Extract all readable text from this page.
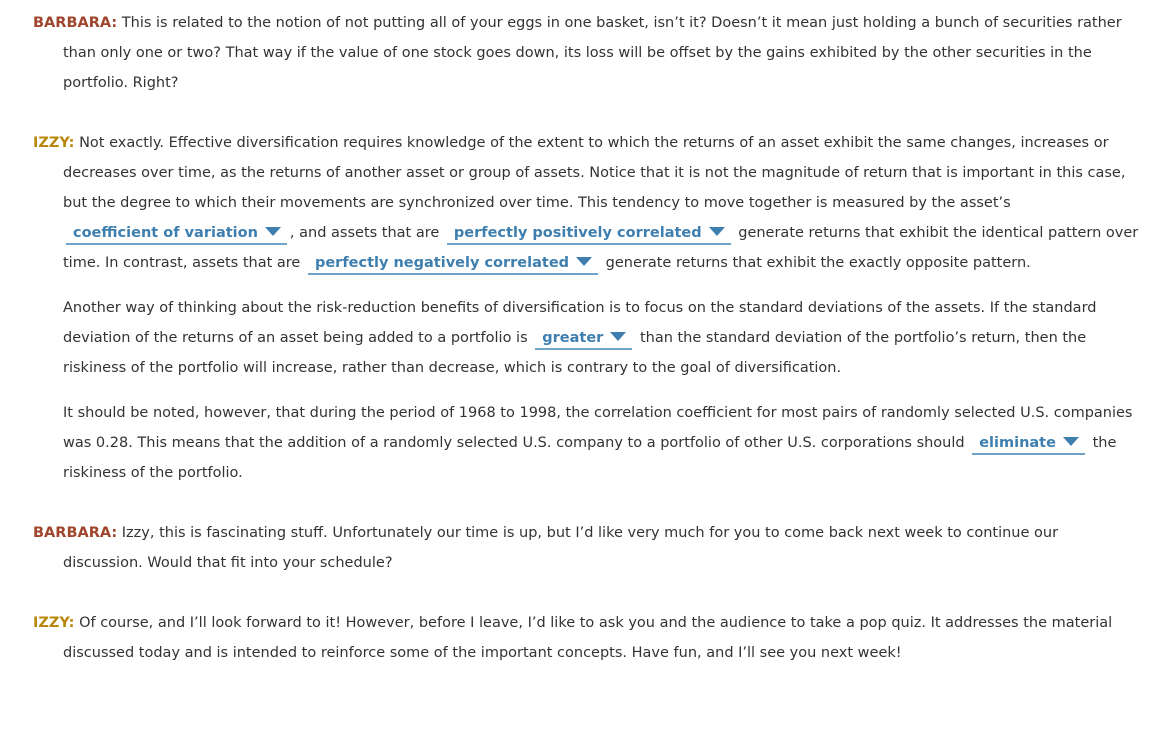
BARBARA: This is related to the notion of not putting all of your eggs in one basket, isn’t it? Doesn’t it mean just holding a bunch of securities rather than only one or two? That way if the value of one stock goes down, its loss will be offset by the gains exhibited by the other securities in the portfolio. Right?

IZZY: Not exactly. Effective diversification requires knowledge of the extent to which the returns of an asset exhibit the same changes, increases or decreases over time, as the returns of another asset or group of assets. Notice that it is not the magnitude of return that is important in this case, but the degree to which their movements are synchronized over time. This tendency to move together is measured by the asset’s coefficient of variation , and assets that are perfectly positively correlated	generate returns that exhibit the identical pattern over time. In contrast, assets that are perfectly negatively correlated	generate returns that exhibit the exactly opposite pattern.

Another way of thinking about the risk-reduction benefits of diversification is to focus on the standard deviations of the assets. If the standard deviation of the returns of an asset being added to a portfolio is greater	than the standard deviation of the portfolio’s return, then the riskiness of the portfolio will increase, rather than decrease, which is contrary to the goal of diversification.

It should be noted, however, that during the period of 1968 to 1998, the correlation coefficient for most pairs of randomly selected U.S. companies was 0.28. This means that the addition of a randomly selected U.S. company to a portfolio of other U.S. corporations should eliminate	the riskiness of the portfolio.

BARBARA: Izzy, this is fascinating stuff. Unfortunately our time is up, but I’d like very much for you to come back next week to continue our discussion. Would that fit into your schedule?

IZZY: Of course, and I’ll look forward to it! However, before I leave, I’d like to ask you and the audience to take a pop quiz. It addresses the material discussed today and is intended to reinforce some of the important concepts. Have fun, and I’ll see you next week!
